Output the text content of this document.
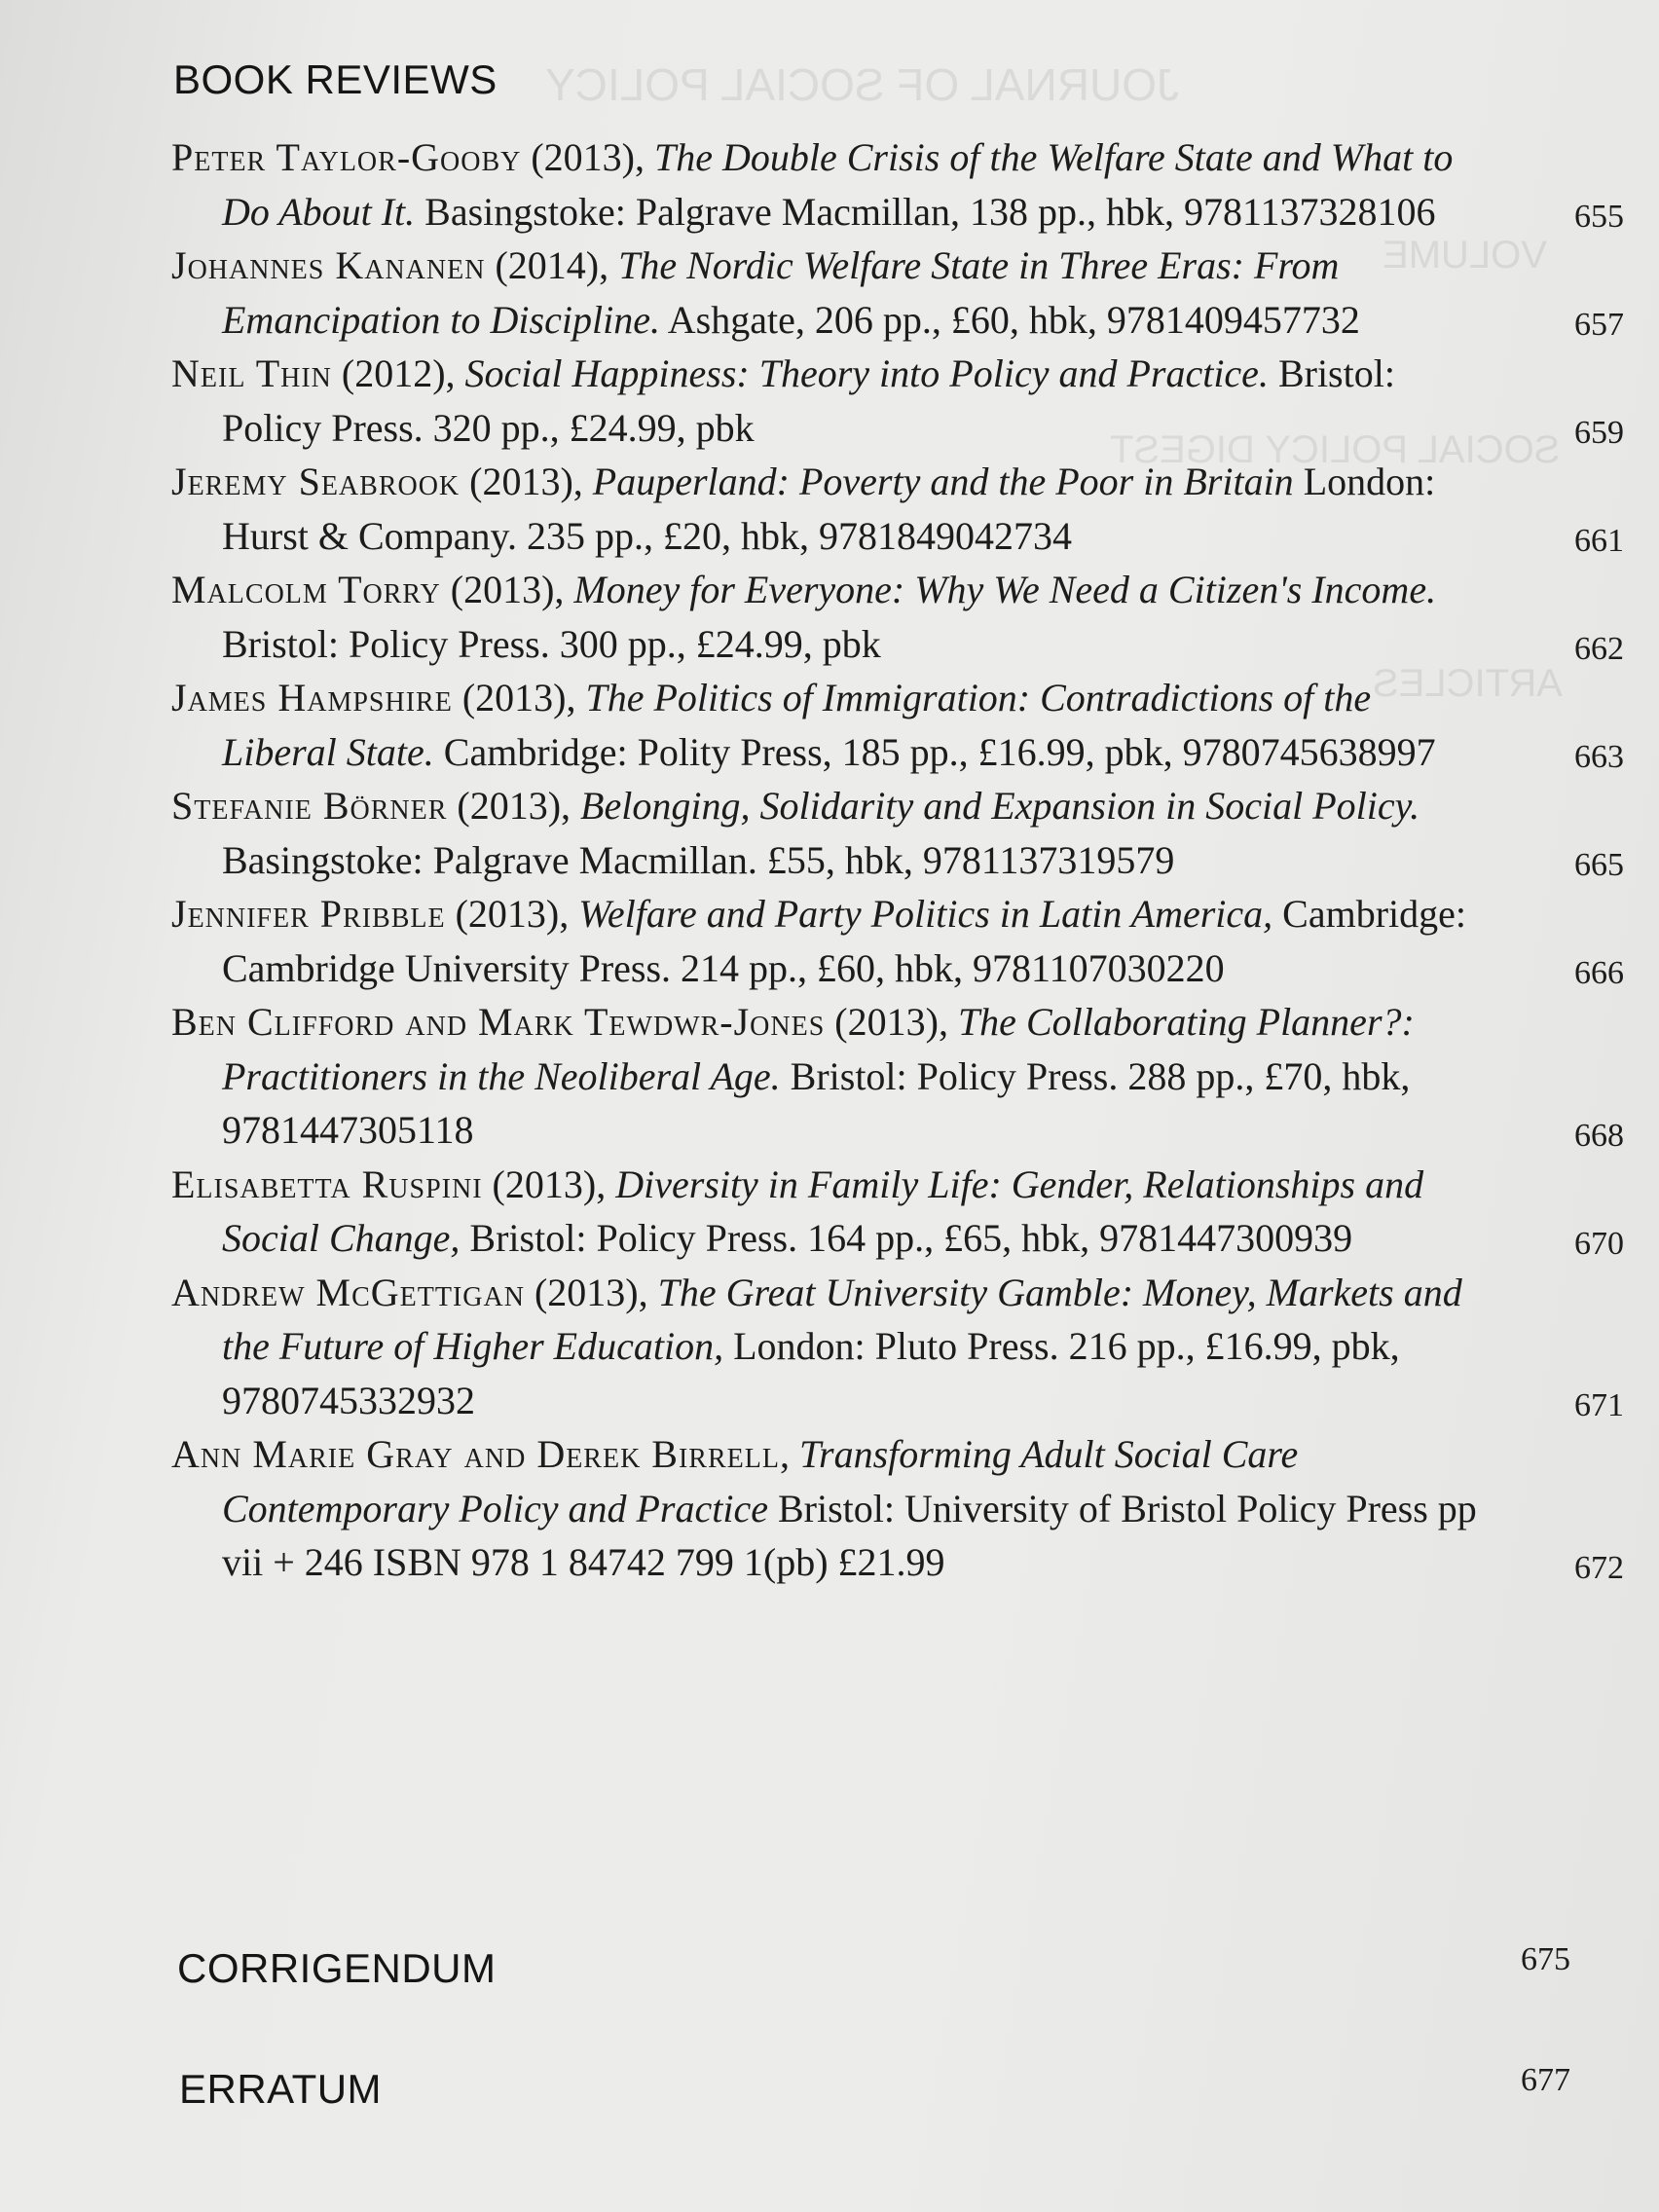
JOURNAL OF SOCIAL POLICY
VOLUME
SOCIAL POLICY DIGEST
ARTICLES
BOOK REVIEWS
Peter Taylor-Gooby (2013), The Double Crisis of the Welfare State and What to Do About It. Basingstoke: Palgrave Macmillan, 138 pp., hbk, 9781137328106	655
Johannes Kananen (2014), The Nordic Welfare State in Three Eras: From Emancipation to Discipline. Ashgate, 206 pp., £60, hbk, 9781409457732	657
Neil Thin (2012), Social Happiness: Theory into Policy and Practice. Bristol: Policy Press. 320 pp., £24.99, pbk	659
Jeremy Seabrook (2013), Pauperland: Poverty and the Poor in Britain London: Hurst & Company. 235 pp., £20, hbk, 9781849042734	661
Malcolm Torry (2013), Money for Everyone: Why We Need a Citizen's Income. Bristol: Policy Press. 300 pp., £24.99, pbk	662
James Hampshire (2013), The Politics of Immigration: Contradictions of the Liberal State. Cambridge: Polity Press, 185 pp., £16.99, pbk, 9780745638997	663
Stefanie Börner (2013), Belonging, Solidarity and Expansion in Social Policy. Basingstoke: Palgrave Macmillan. £55, hbk, 9781137319579	665
Jennifer Pribble (2013), Welfare and Party Politics in Latin America, Cambridge: Cambridge University Press. 214 pp., £60, hbk, 9781107030220	666
Ben Clifford and Mark Tewdwr-Jones (2013), The Collaborating Planner?: Practitioners in the Neoliberal Age. Bristol: Policy Press. 288 pp., £70, hbk, 9781447305118	668
Elisabetta Ruspini (2013), Diversity in Family Life: Gender, Relationships and Social Change, Bristol: Policy Press. 164 pp., £65, hbk, 9781447300939	670
Andrew McGettigan (2013), The Great University Gamble: Money, Markets and the Future of Higher Education, London: Pluto Press. 216 pp., £16.99, pbk, 9780745332932	671
Ann Marie Gray and Derek Birrell, Transforming Adult Social Care Contemporary Policy and Practice Bristol: University of Bristol Policy Press pp vii + 246 ISBN 978 1 84742 799 1(pb) £21.99	672
CORRIGENDUM	675
ERRATUM	677
